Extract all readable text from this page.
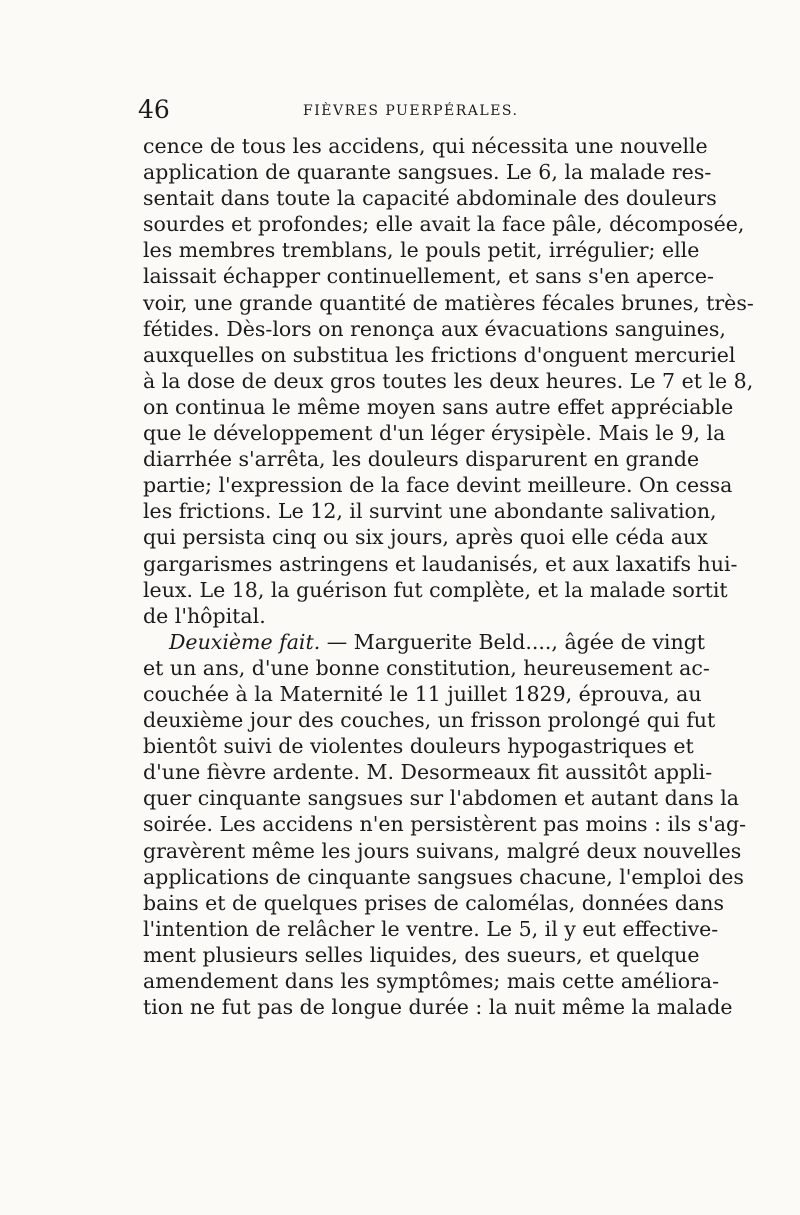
46	FIÈVRES PUERPÉRALES.
cence de tous les accidens, qui nécessita une nouvelle
application de quarante sangsues. Le 6, la malade res-
sentait dans toute la capacité abdominale des douleurs
sourdes et profondes; elle avait la face pâle, décomposée,
les membres tremblans, le pouls petit, irrégulier; elle
laissait échapper continuellement, et sans s'en aperce-
voir, une grande quantité de matières fécales brunes, très-
fétides. Dès-lors on renonça aux évacuations sanguines,
auxquelles on substitua les frictions d'onguent mercuriel
à la dose de deux gros toutes les deux heures. Le 7 et le 8,
on continua le même moyen sans autre effet appréciable
que le développement d'un léger érysipèle. Mais le 9, la
diarrhée s'arrêta, les douleurs disparurent en grande
partie; l'expression de la face devint meilleure. On cessa
les frictions. Le 12, il survint une abondante salivation,
qui persista cinq ou six jours, après quoi elle céda aux
gargarismes astringens et laudanisés, et aux laxatifs hui-
leux. Le 18, la guérison fut complète, et la malade sortit
de l'hôpital.
Deuxième fait. — Marguerite Beld...., âgée de vingt
et un ans, d'une bonne constitution, heureusement ac-
couchée à la Maternité le 11 juillet 1829, éprouva, au
deuxième jour des couches, un frisson prolongé qui fut
bientôt suivi de violentes douleurs hypogastriques et
d'une fièvre ardente. M. Desormeaux fit aussitôt appli-
quer cinquante sangsues sur l'abdomen et autant dans la
soirée. Les accidens n'en persistèrent pas moins : ils s'ag-
gravèrent même les jours suivans, malgré deux nouvelles
applications de cinquante sangsues chacune, l'emploi des
bains et de quelques prises de calomélas, données dans
l'intention de relâcher le ventre. Le 5, il y eut effective-
ment plusieurs selles liquides, des sueurs, et quelque
amendement dans les symptômes; mais cette améliora-
tion ne fut pas de longue durée : la nuit même la malade
